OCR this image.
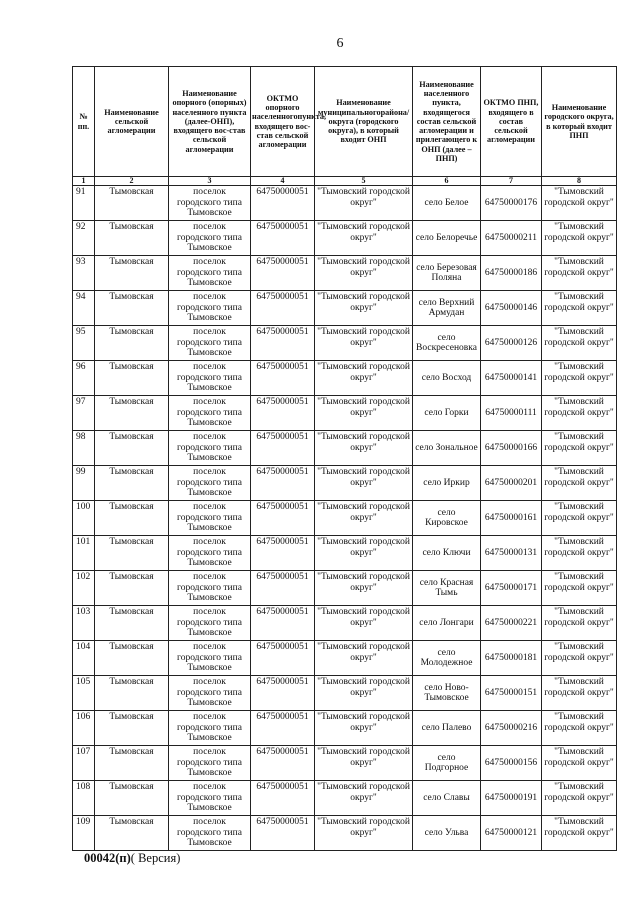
6
№ пп.	Наименование сельской агломерации	Наименование опорного (опорных) населенного пункта (далее-ОНП), входящего вос-став сельской агломерации	ОКТМО опорного населенногопункта, входящего вос-став сельской агломерации	Наименование муниципальногорайона/округа (городского округа), в который входит ОНП	Наименование населенного пункта, входящегося состав сельской агломерации и прилегающего к ОНП (далее – ПНП)	ОКТМО ПНП, входящего в состав сельской агломерации	Наименование городского округа, в который входит ПНП
1	2	3	4	5	6	7	8
91	Тымовская	поселок городского типа Тымовское	64750000051	"Тымовский городской округ"	село Белое	64750000176	"Тымовский городской округ"
92	Тымовская	поселок городского типа Тымовское	64750000051	"Тымовский городской округ"	село Белоречье	64750000211	"Тымовский городской округ"
93	Тымовская	поселок городского типа Тымовское	64750000051	"Тымовский городской округ"	село Березовая Поляна	64750000186	"Тымовский городской округ"
94	Тымовская	поселок городского типа Тымовское	64750000051	"Тымовский городской округ"	село Верхний Армудан	64750000146	"Тымовский городской округ"
95	Тымовская	поселок городского типа Тымовское	64750000051	"Тымовский городской округ"	село Воскресеновка	64750000126	"Тымовский городской округ"
96	Тымовская	поселок городского типа Тымовское	64750000051	"Тымовский городской округ"	село Восход	64750000141	"Тымовский городской округ"
97	Тымовская	поселок городского типа Тымовское	64750000051	"Тымовский городской округ"	село Горки	64750000111	"Тымовский городской округ"
98	Тымовская	поселок городского типа Тымовское	64750000051	"Тымовский городской округ"	село Зональное	64750000166	"Тымовский городской округ"
99	Тымовская	поселок городского типа Тымовское	64750000051	"Тымовский городской округ"	село Иркир	64750000201	"Тымовский городской округ"
100	Тымовская	поселок городского типа Тымовское	64750000051	"Тымовский городской округ"	село Кировское	64750000161	"Тымовский городской округ"
101	Тымовская	поселок городского типа Тымовское	64750000051	"Тымовский городской округ"	село Ключи	64750000131	"Тымовский городской округ"
102	Тымовская	поселок городского типа Тымовское	64750000051	"Тымовский городской округ"	село Красная Тымь	64750000171	"Тымовский городской округ"
103	Тымовская	поселок городского типа Тымовское	64750000051	"Тымовский городской округ"	село Лонгари	64750000221	"Тымовский городской округ"
104	Тымовская	поселок городского типа Тымовское	64750000051	"Тымовский городской округ"	село Молодежное	64750000181	"Тымовский городской округ"
105	Тымовская	поселок городского типа Тымовское	64750000051	"Тымовский городской округ"	село Ново-Тымовское	64750000151	"Тымовский городской округ"
106	Тымовская	поселок городского типа Тымовское	64750000051	"Тымовский городской округ"	село Палево	64750000216	"Тымовский городской округ"
107	Тымовская	поселок городского типа Тымовское	64750000051	"Тымовский городской округ"	село Подгорное	64750000156	"Тымовский городской округ"
108	Тымовская	поселок городского типа Тымовское	64750000051	"Тымовский городской округ"	село Славы	64750000191	"Тымовский городской округ"
109	Тымовская	поселок городского типа Тымовское	64750000051	"Тымовский городской округ"	село Ульва	64750000121	"Тымовский городской округ"
00042(п)( Версия)
